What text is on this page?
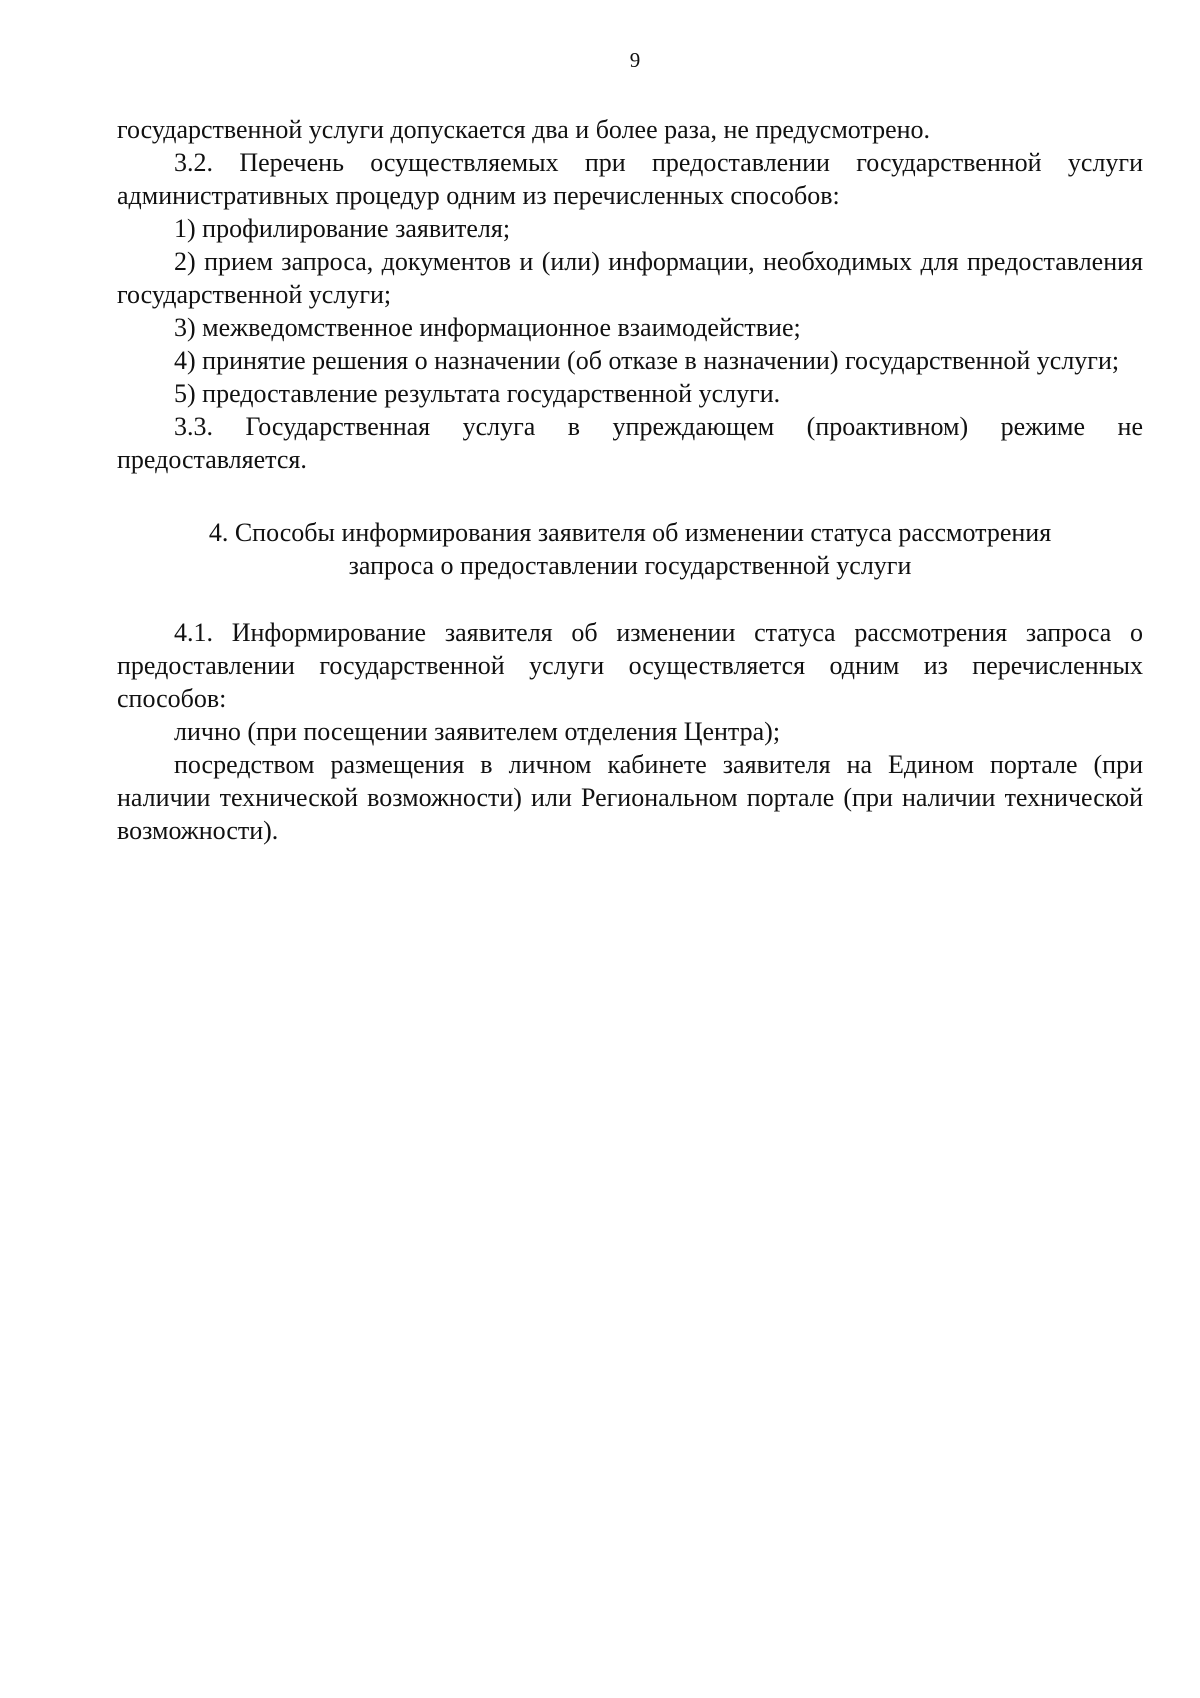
9

государственной услуги допускается два и более раза, не предусмотрено.

3.2. Перечень осуществляемых при предоставлении государственной услуги административных процедур одним из перечисленных способов:

1) профилирование заявителя;

2) прием запроса, документов и (или) информации, необходимых для предоставления государственной услуги;

3) межведомственное информационное взаимодействие;

4) принятие решения о назначении (об отказе в назначении) государственной услуги;

5) предоставление результата государственной услуги.

3.3. Государственная услуга в упреждающем (проактивном) режиме не предоставляется.

4. Способы информирования заявителя об изменении статуса рассмотрения
запроса о предоставлении государственной услуги

4.1. Информирование заявителя об изменении статуса рассмотрения запроса о предоставлении государственной услуги осуществляется одним из перечисленных способов:

лично (при посещении заявителем отделения Центра);

посредством размещения в личном кабинете заявителя на Едином портале (при наличии технической возможности) или Региональном портале (при наличии технической возможности).
